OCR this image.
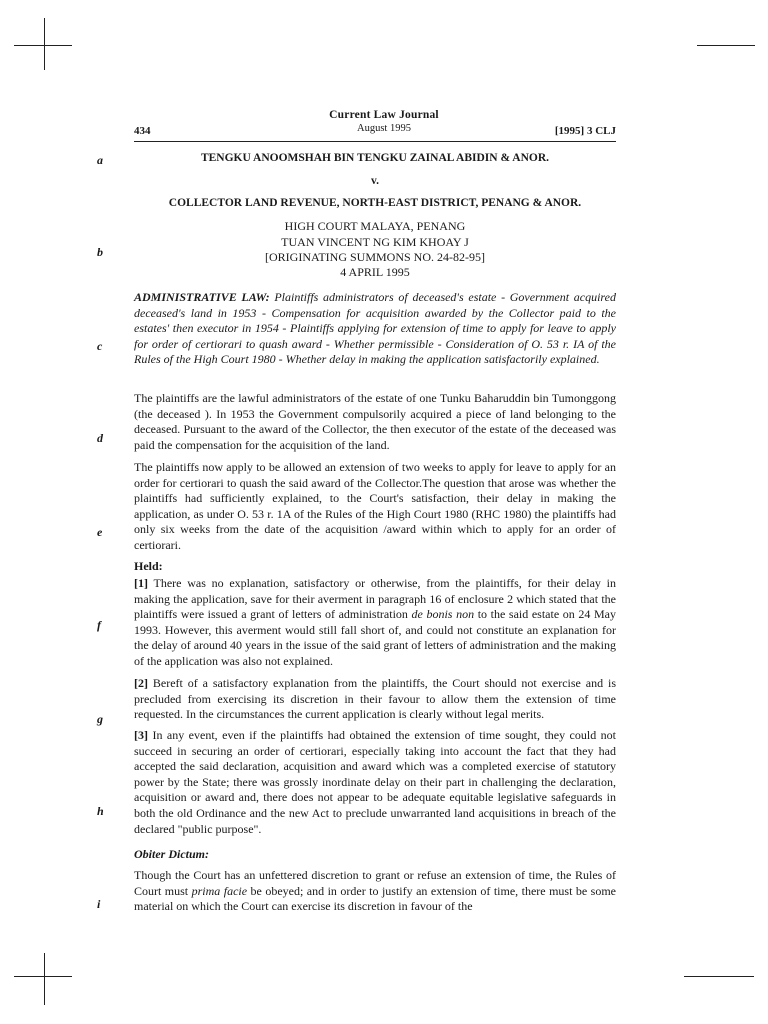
Current Law Journal
August 1995
434	[1995] 3 CLJ
a
b
c
d
e
f
g
h
i
TENGKU ANOOMSHAH BIN TENGKU ZAINAL ABIDIN & ANOR.
v.
COLLECTOR LAND REVENUE, NORTH-EAST DISTRICT, PENANG & ANOR.
HIGH COURT MALAYA, PENANG
TUAN VINCENT NG KIM KHOAY J
[ORIGINATING SUMMONS NO. 24-82-95]
4 APRIL 1995

ADMINISTRATIVE LAW: Plaintiffs administrators of deceased's estate - Government acquired deceased's land in 1953 - Compensation for acquisition awarded by the Collector paid to the estates' then executor in 1954 - Plaintiffs applying for extension of time to apply for leave to apply for order of certiorari to quash award - Whether permissible - Consideration of O. 53 r. IA of the Rules of the High Court 1980 - Whether delay in making the application satisfactorily explained.

The plaintiffs are the lawful administrators of the estate of one Tunku Baharuddin bin Tumonggong (the deceased ). In 1953 the Government compulsorily acquired a piece of land belonging to the deceased. Pursuant to the award of the Collector, the then executor of the estate of the deceased was paid the compensation for the acquisition of the land.

The plaintiffs now apply to be allowed an extension of two weeks to apply for leave to apply for an order for certiorari to quash the said award of the Collector.The question that arose was whether the plaintiffs had sufficiently explained, to the Court's satisfaction, their delay in making the application, as under O. 53 r. 1A of the Rules of the High Court 1980 (RHC 1980) the plaintiffs had only six weeks from the date of the acquisition /award within which to apply for an order of certiorari.

Held:

[1] There was no explanation, satisfactory or otherwise, from the plaintiffs, for their delay in making the application, save for their averment in paragraph 16 of enclosure 2 which stated that the plaintiffs were issued a grant of letters of administration de bonis non to the said estate on 24 May 1993. However, this averment would still fall short of, and could not constitute an explanation for the delay of around 40 years in the issue of the said grant of letters of administration and the making of the application was also not explained.

[2] Bereft of a satisfactory explanation from the plaintiffs, the Court should not exercise and is precluded from exercising its discretion in their favour to allow them the extension of time requested. In the circumstances the current application is clearly without legal merits.

[3] In any event, even if the plaintiffs had obtained the extension of time sought, they could not succeed in securing an order of certiorari, especially taking into account the fact that they had accepted the said declaration, acquisition and award which was a completed exercise of statutory power by the State; there was grossly inordinate delay on their part in challenging the declaration, acquisition or award and, there does not appear to be adequate equitable legislative safeguards in both the old Ordinance and the new Act to preclude unwarranted land acquisitions in breach of the declared "public purpose".

Obiter Dictum:

Though the Court has an unfettered discretion to grant or refuse an extension of time, the Rules of Court must prima facie be obeyed; and in order to justify an extension of time, there must be some material on which the Court can exercise its discretion in favour of the
